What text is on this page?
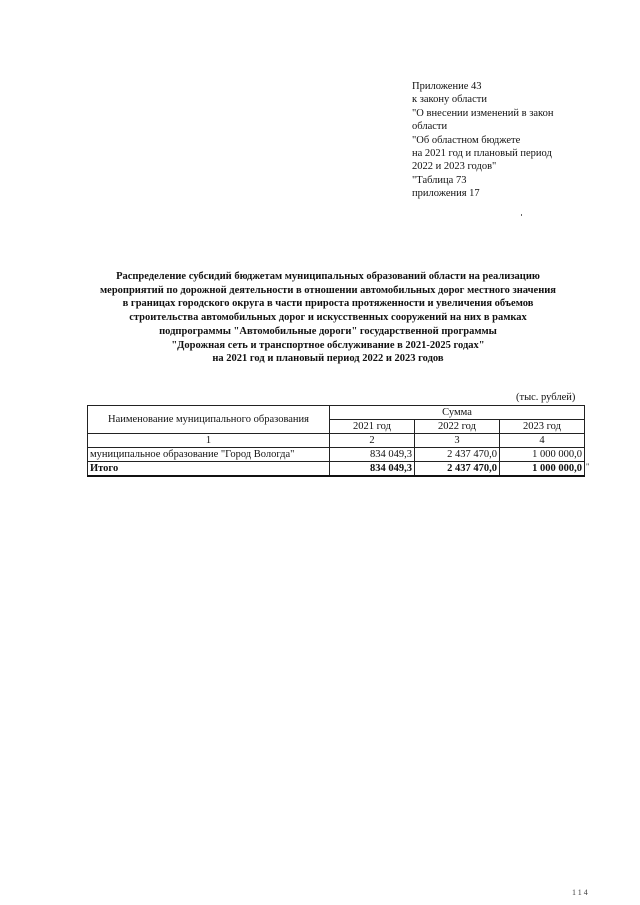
Приложение 43
к закону области
"О внесении изменений в закон
области
"Об областном бюджете
на 2021 год и плановый период
2022 и 2023 годов"
"Таблица 73
приложения 17
Распределение субсидий бюджетам муниципальных образований области на реализацию
мероприятий по дорожной деятельности в отношении автомобильных дорог местного значения
в границах городского округа в части прироста протяженности и увеличения объемов
строительства автомобильных дорог и искусственных сооружений на них в рамках
подпрограммы "Автомобильные дороги" государственной программы
"Дорожная сеть и транспортное обслуживание в 2021-2025 годах"
на 2021 год и плановый период 2022 и 2023 годов
(тыс. рублей)
Наименование муниципального образования	Сумма		
	2021 год	2022 год	2023 год
1	2	3	4
муниципальное образование "Город Вологда"	834 049,3	2 437 470,0	1 000 000,0
Итого	834 049,3	2 437 470,0	1 000 000,0 "
114
